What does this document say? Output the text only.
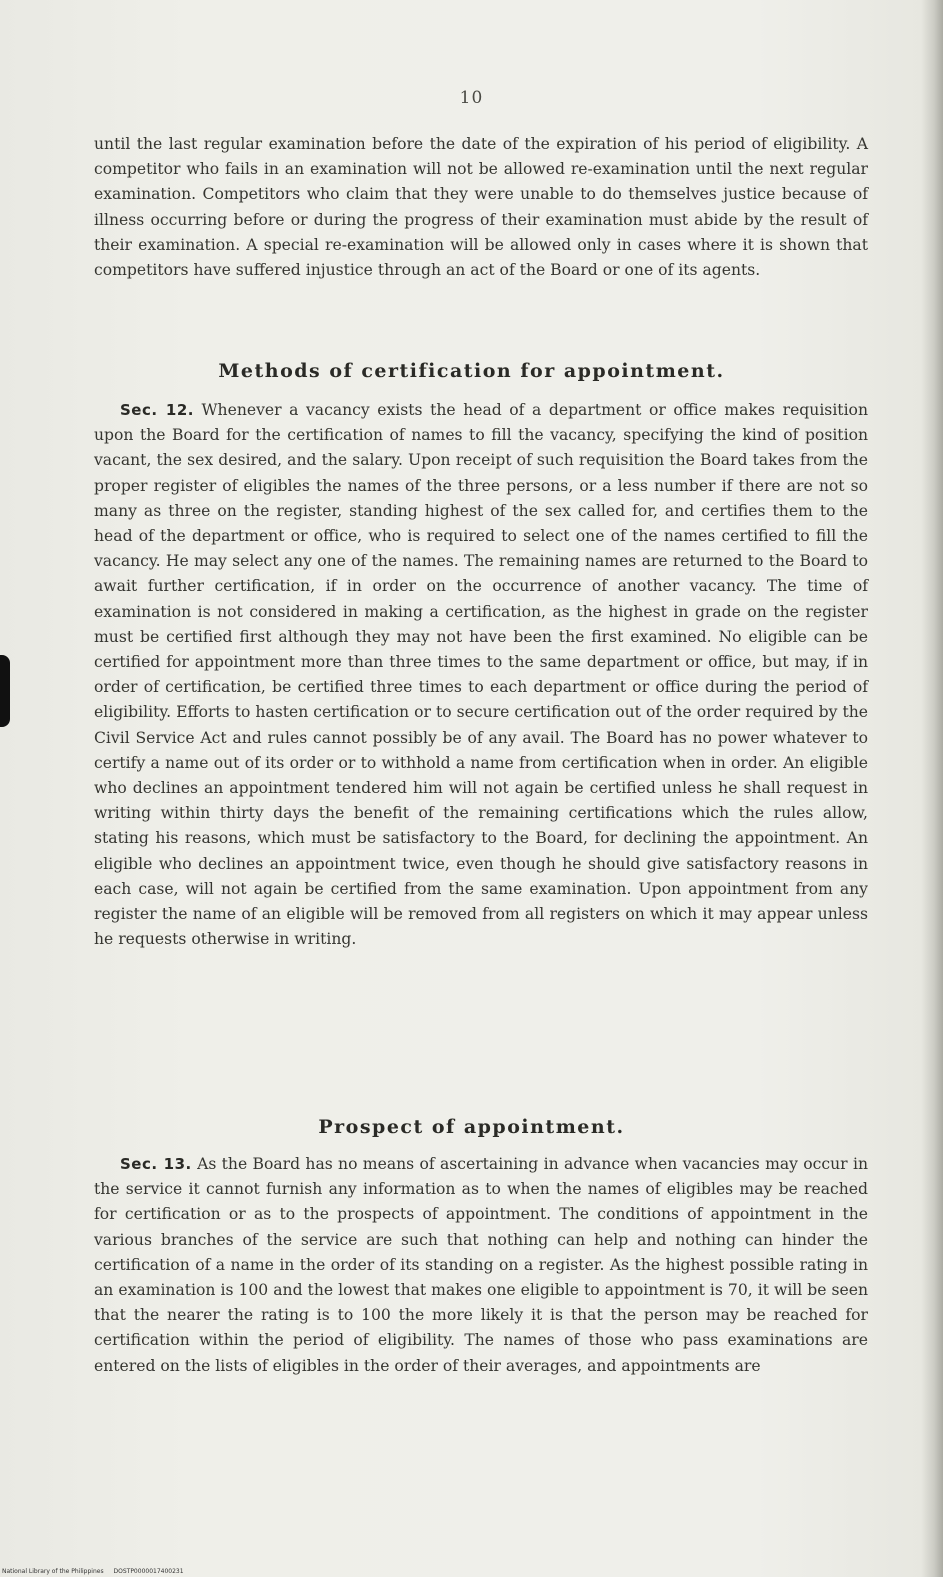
10

until the last regular examination before the date of the expiration of his period of eligibility. A competitor who fails in an examination will not be allowed re-examination until the next regular examination. Competitors who claim that they were unable to do themselves justice because of illness occurring before or during the progress of their examination must abide by the result of their examination. A special re-examination will be allowed only in cases where it is shown that competitors have suffered injustice through an act of the Board or one of its agents.

Methods of certification for appointment.

Sec. 12. Whenever a vacancy exists the head of a department or office makes requisition upon the Board for the certification of names to fill the vacancy, specifying the kind of position vacant, the sex desired, and the salary. Upon receipt of such requisition the Board takes from the proper register of eligibles the names of the three persons, or a less number if there are not so many as three on the register, standing highest of the sex called for, and certifies them to the head of the department or office, who is required to select one of the names certified to fill the vacancy. He may select any one of the names. The remaining names are returned to the Board to await further certification, if in order on the occurrence of another vacancy. The time of examination is not considered in making a certification, as the highest in grade on the register must be certified first although they may not have been the first examined. No eligible can be certified for appointment more than three times to the same department or office, but may, if in order of certification, be certified three times to each department or office during the period of eligibility. Efforts to hasten certification or to secure certification out of the order required by the Civil Service Act and rules cannot possibly be of any avail. The Board has no power whatever to certify a name out of its order or to withhold a name from certification when in order. An eligible who declines an appointment tendered him will not again be certified unless he shall request in writing within thirty days the benefit of the remaining certifications which the rules allow, stating his reasons, which must be satisfactory to the Board, for declining the appointment. An eligible who declines an appointment twice, even though he should give satisfactory reasons in each case, will not again be certified from the same examination. Upon appointment from any register the name of an eligible will be removed from all registers on which it may appear unless he requests otherwise in writing.

Prospect of appointment.

Sec. 13. As the Board has no means of ascertaining in advance when vacancies may occur in the service it cannot furnish any information as to when the names of eligibles may be reached for certification or as to the prospects of appointment. The conditions of appointment in the various branches of the service are such that nothing can help and nothing can hinder the certification of a name in the order of its standing on a register. As the highest possible rating in an examination is 100 and the lowest that makes one eligible to appointment is 70, it will be seen that the nearer the rating is to 100 the more likely it is that the person may be reached for certification within the period of eligibility. The names of those who pass examinations are entered on the lists of eligibles in the order of their averages, and appointments are

National Library of the Philippines DOSTP0000017400231
